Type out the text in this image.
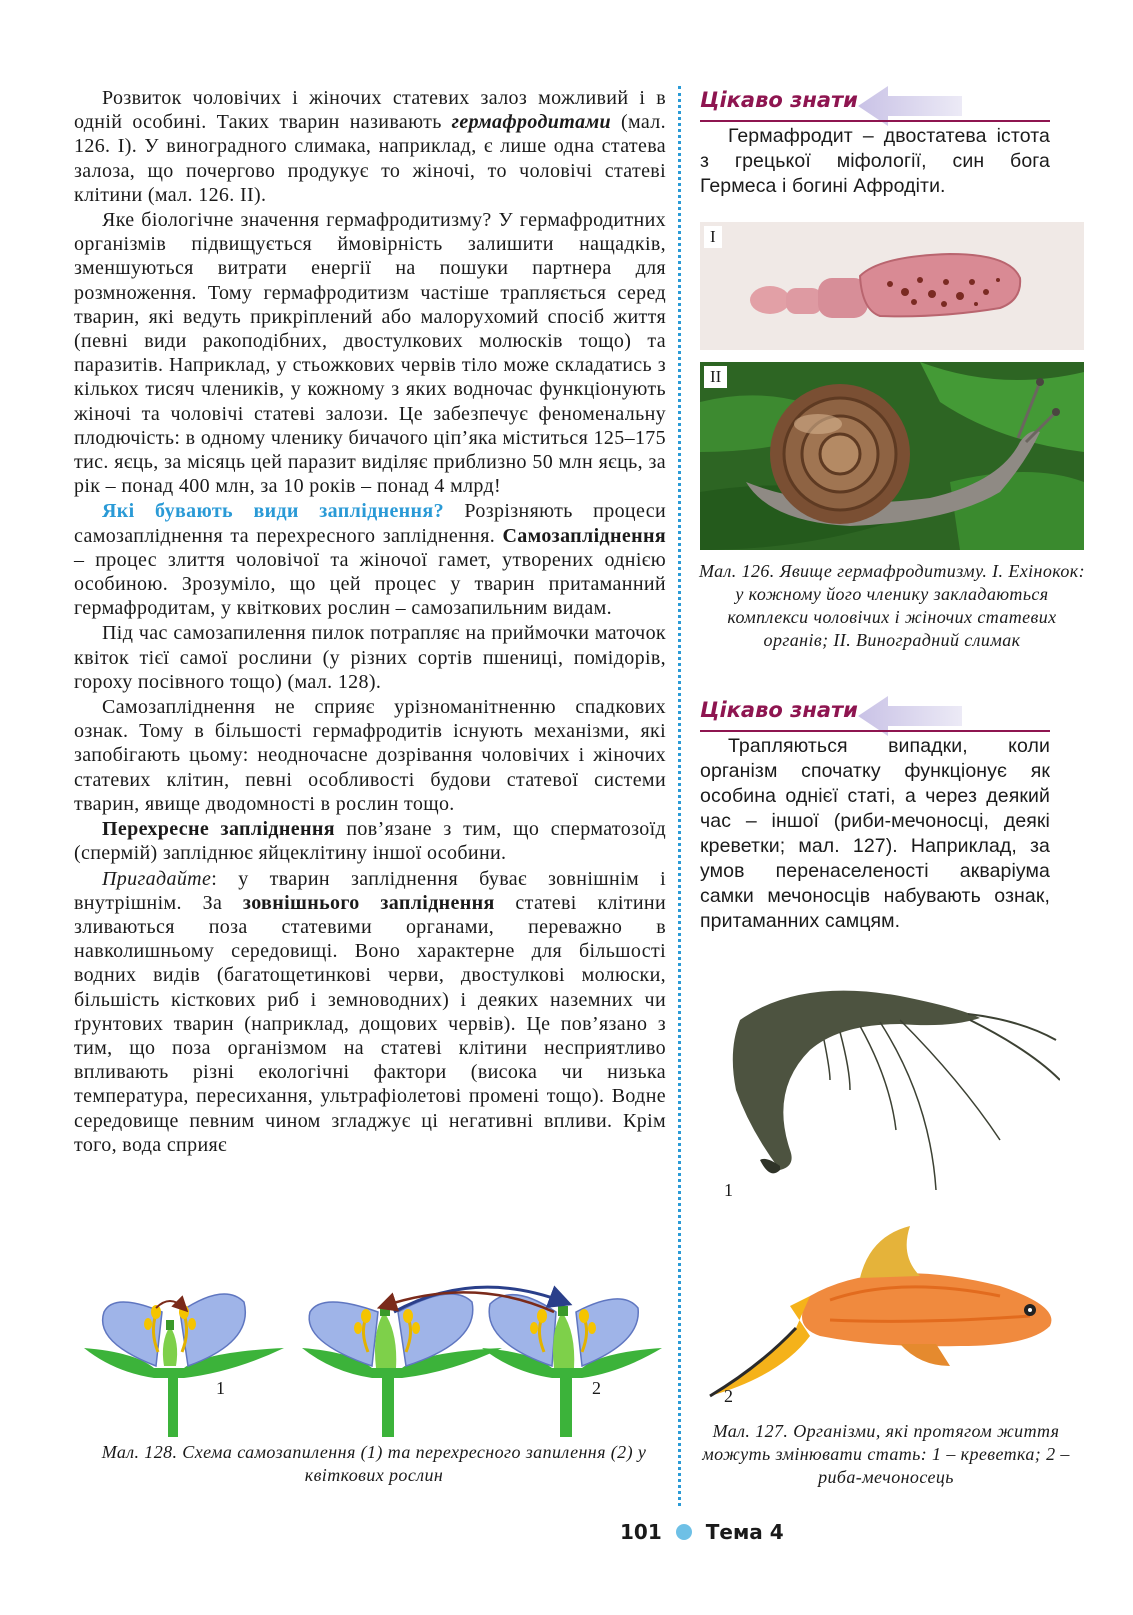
Розвиток чоловічих і жіночих статевих залоз можливий і в одній особині. Таких тварин називають гермафродитами (мал. 126. I). У виноградного слимака, наприклад, є лише одна статева залоза, що почергово продукує то жіночі, то чоловічі статеві клітини (мал. 126. II).

Яке біологічне значення гермафродитизму? У гермафродитних організмів підвищується ймовірність залишити нащадків, зменшуються витрати енергії на пошуки партнера для розмноження. Тому гермафродитизм частіше трапляється серед тварин, які ведуть прикріплений або малорухомий спосіб життя (певні види ракоподібних, двостулкових молюсків тощо) та паразитів. Наприклад, у стьожкових червів тіло може складатись з кількох тисяч члеників, у кожному з яких водночас функціонують жіночі та чоловічі статеві залози. Це забезпечує феноменальну плодючість: в одному членику бичачого ціп’яка міститься 125–175 тис. яєць, за місяць цей паразит виділяє приблизно 50 млн яєць, за рік – понад 400 млн, за 10 років – понад 4 млрд!

Які бувають види запліднення? Розрізняють процеси самозапліднення та перехресного запліднення. Самозапліднення – процес злиття чоловічої та жіночої гамет, утворених однією особиною. Зрозуміло, що цей процес у тварин притаманний гермафродитам, у квіткових рослин – самозапильним видам.

Під час самозапилення пилок потрапляє на приймочки маточок квіток тієї самої рослини (у різних сортів пшениці, помідорів, гороху посівного тощо) (мал. 128).

Самозапліднення не сприяє урізноманітненню спадкових ознак. Тому в більшості гермафродитів існують механізми, які запобігають цьому: неодночасне дозрівання чоловічих і жіночих статевих клітин, певні особливості будови статевої системи тварин, явище дводомності в рослин тощо.

Перехресне запліднення пов’язане з тим, що сперматозоїд (спермій) запліднює яйцеклітину іншої особини.

Пригадайте: у тварин запліднення буває зовнішнім і внутрішнім. За зовнішнього запліднення статеві клітини зливаються поза статевими органами, переважно в навколишньому середовищі. Воно характерне для більшості водних видів (багатощетинкові черви, двостулкові молюски, більшість кісткових риб і земноводних) і деяких наземних чи ґрунтових тварин (наприклад, дощових червів). Це пов’язано з тим, що поза організмом на статеві клітини несприятливо впливають різні екологічні фактори (висока чи низька температура, пересихання, ультрафіолетові промені тощо). Водне середовище певним чином згладжує ці негативні впливи. Крім того, вода сприяє

1	2
Мал. 128. Схема самозапилення (1) та перехресного запилення (2) у квіткових рослин
Цікаво знати

Гермафродит – двостатева істота з грецької міфології, син бога Гермеса і богині Афродіти.

I
II
Мал. 126. Явище гермафродитизму. I. Ехінокок: у кожному його членику закладаються комплекси чоловічих і жіночих статевих органів; II. Виноградний слимак
Цікаво знати

Трапляються випадки, коли організм спочатку функціонує як особина однієї статі, а через деякий час – іншої (риби-мечоносці, деякі креветки; мал. 127). Наприклад, за умов перенаселеності акваріума самки мечоносців набувають ознак, притаманних самцям.

1
2
Мал. 127. Організми, які протягом життя можуть змінювати стать: 1 – креветка; 2 – риба-мечоносець
101 Тема 4
